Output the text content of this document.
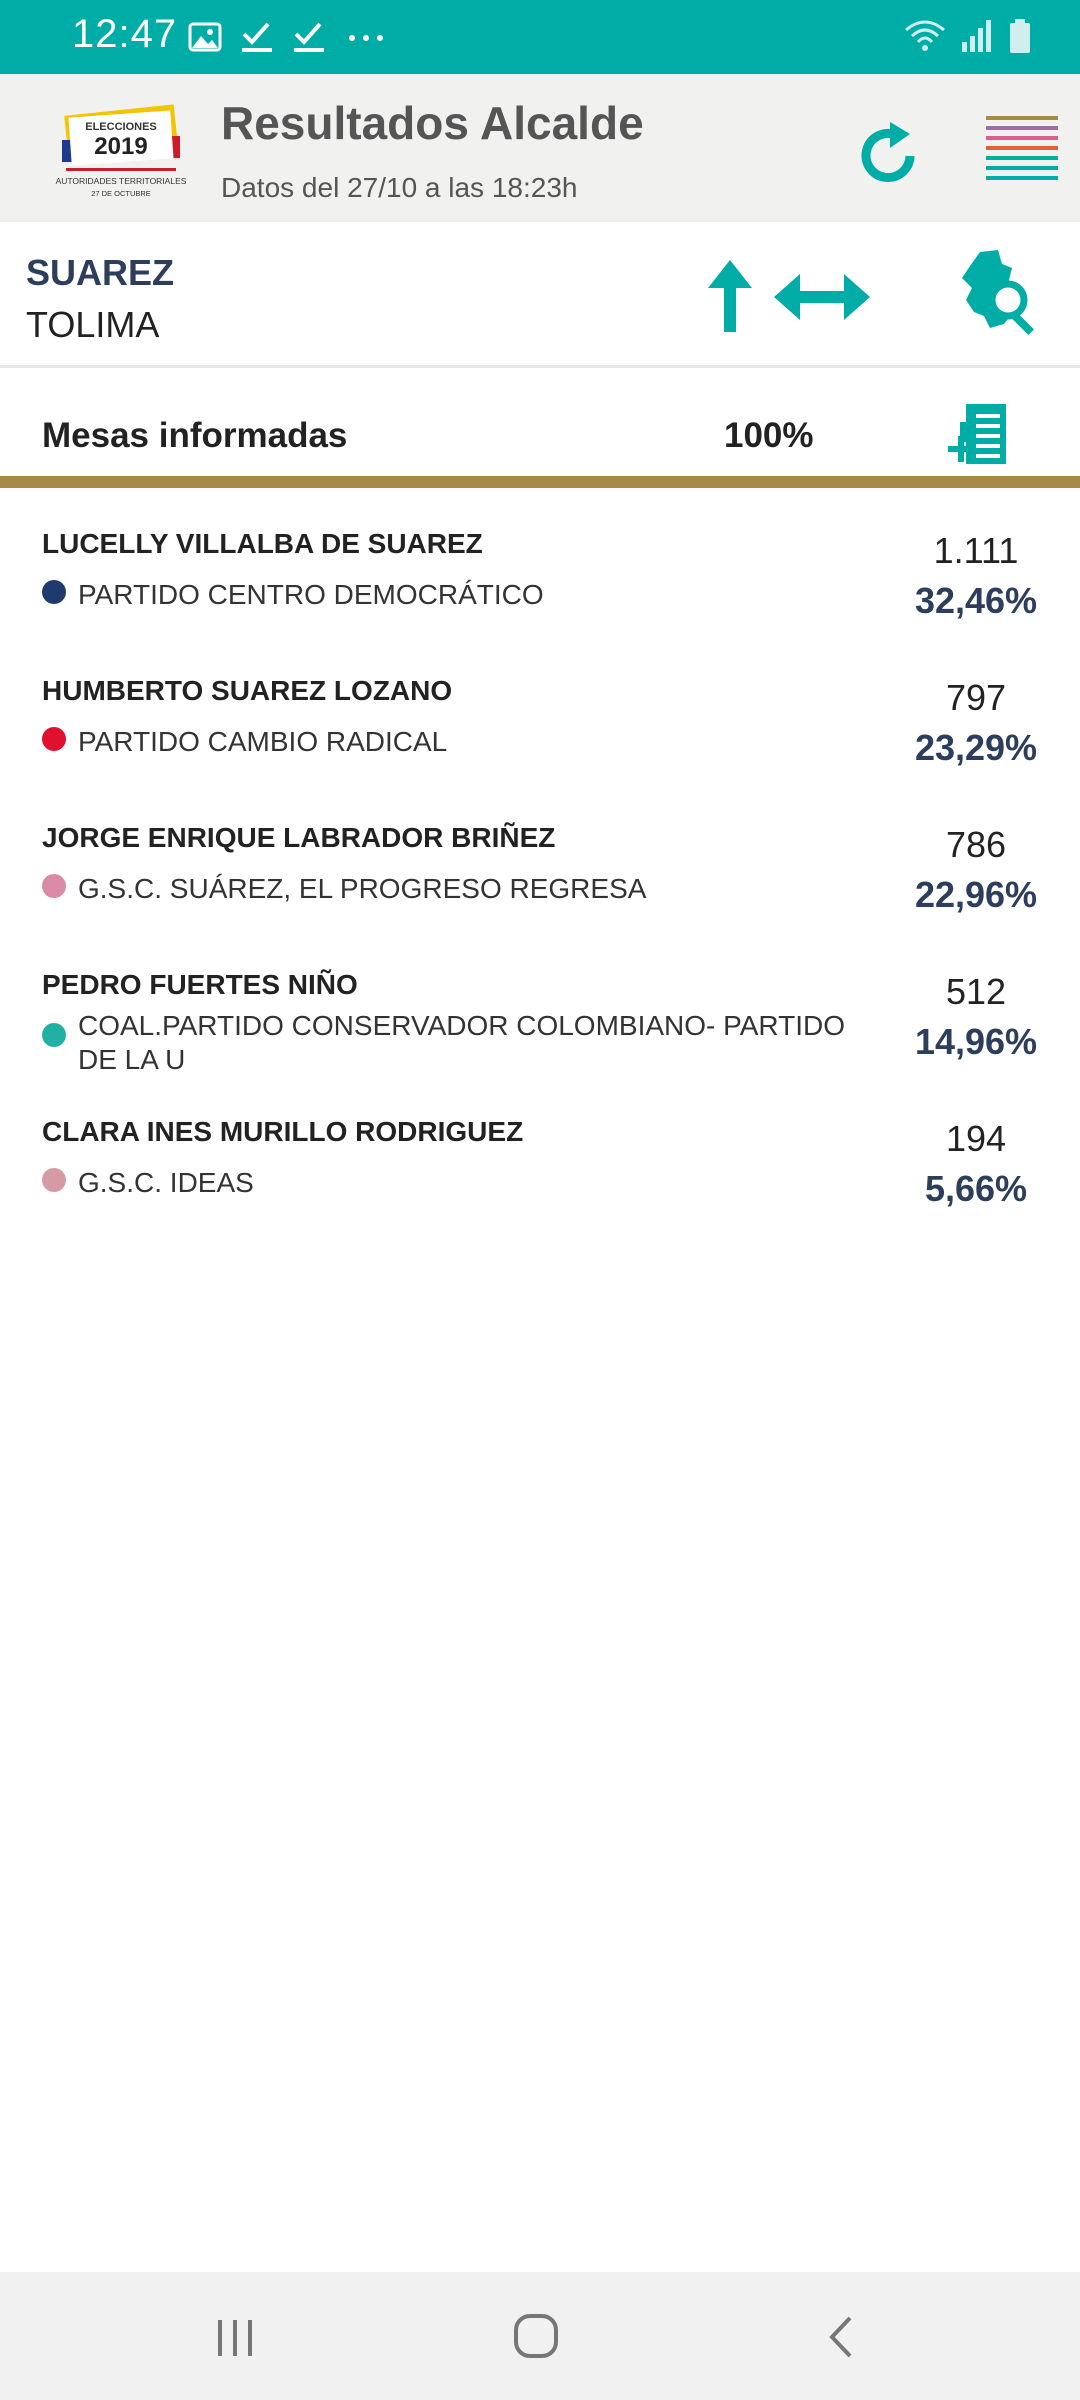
12:47
ELECCIONES
2019
AUTORIDADES TERRITORIALES
27 DE OCTUBRE
Resultados Alcalde
Datos del 27/10 a las 18:23h
SUAREZ
TOLIMA
Mesas informadas	100%
LUCELLY VILLALBA DE SUAREZ
PARTIDO CENTRO DEMOCRÁTICO
1.111
32,46%
HUMBERTO SUAREZ LOZANO
PARTIDO CAMBIO RADICAL
797
23,29%
JORGE ENRIQUE LABRADOR BRIÑEZ
G.S.C. SUÁREZ, EL PROGRESO REGRESA
786
22,96%
PEDRO FUERTES NIÑO
COAL.PARTIDO CONSERVADOR COLOMBIANO- PARTIDO DE LA U
512
14,96%
CLARA INES MURILLO RODRIGUEZ
G.S.C. IDEAS
194
5,66%
